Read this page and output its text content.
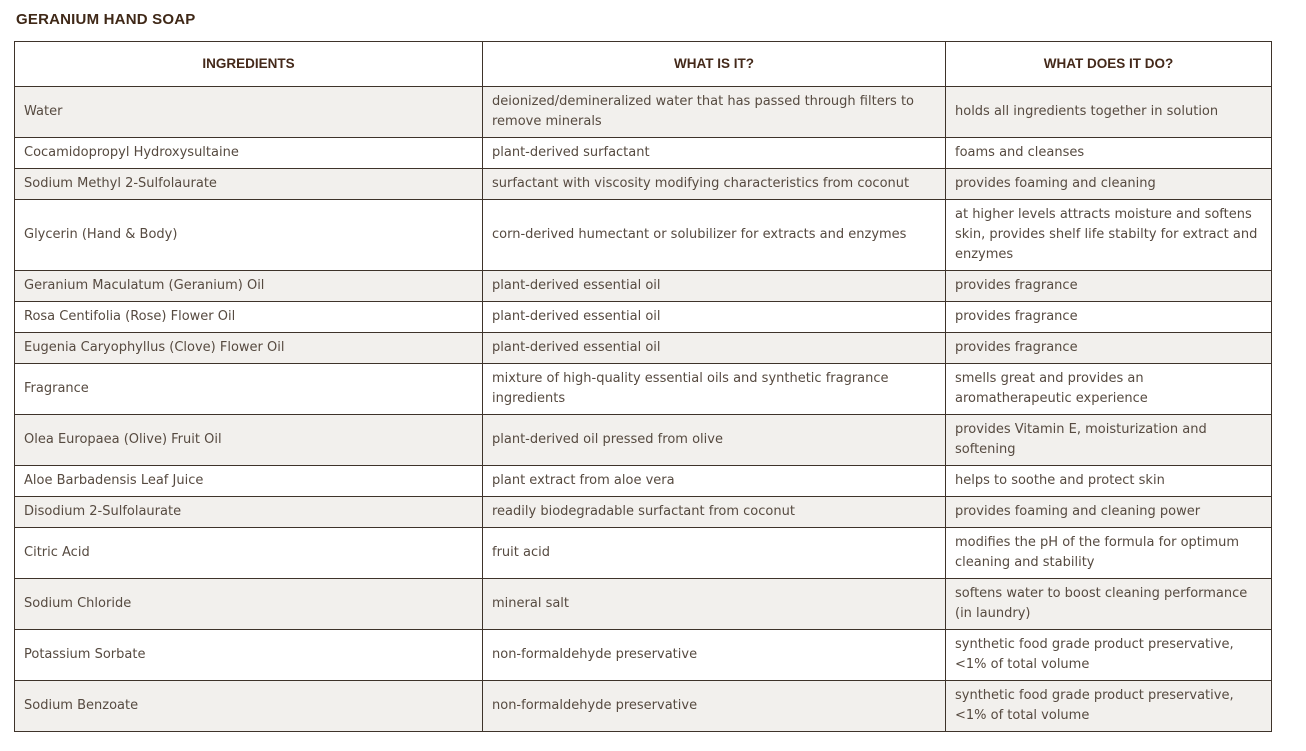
GERANIUM HAND SOAP
INGREDIENTS	WHAT IS IT?	WHAT DOES IT DO?
Water	deionized/demineralized water that has passed through filters to remove minerals	holds all ingredients together in solution
Cocamidopropyl Hydroxysultaine	plant-derived surfactant	foams and cleanses
Sodium Methyl 2-Sulfolaurate	surfactant with viscosity modifying characteristics from coconut	provides foaming and cleaning
Glycerin (Hand & Body)	corn-derived humectant or solubilizer for extracts and enzymes	at higher levels attracts moisture and softens skin, provides shelf life stabilty for extract and enzymes
Geranium Maculatum (Geranium) Oil	plant-derived essential oil	provides fragrance
Rosa Centifolia (Rose) Flower Oil	plant-derived essential oil	provides fragrance
Eugenia Caryophyllus (Clove) Flower Oil	plant-derived essential oil	provides fragrance
Fragrance	mixture of high-quality essential oils and synthetic fragrance ingredients	smells great and provides an aromatherapeutic experience
Olea Europaea (Olive) Fruit Oil	plant-derived oil pressed from olive	provides Vitamin E, moisturization and softening
Aloe Barbadensis Leaf Juice	plant extract from aloe vera	helps to soothe and protect skin
Disodium 2-Sulfolaurate	readily biodegradable surfactant from coconut	provides foaming and cleaning power
Citric Acid	fruit acid	modifies the pH of the formula for optimum cleaning and stability
Sodium Chloride	mineral salt	softens water to boost cleaning performance (in laundry)
Potassium Sorbate	non-formaldehyde preservative	synthetic food grade product preservative, <1% of total volume
Sodium Benzoate	non-formaldehyde preservative	synthetic food grade product preservative, <1% of total volume
